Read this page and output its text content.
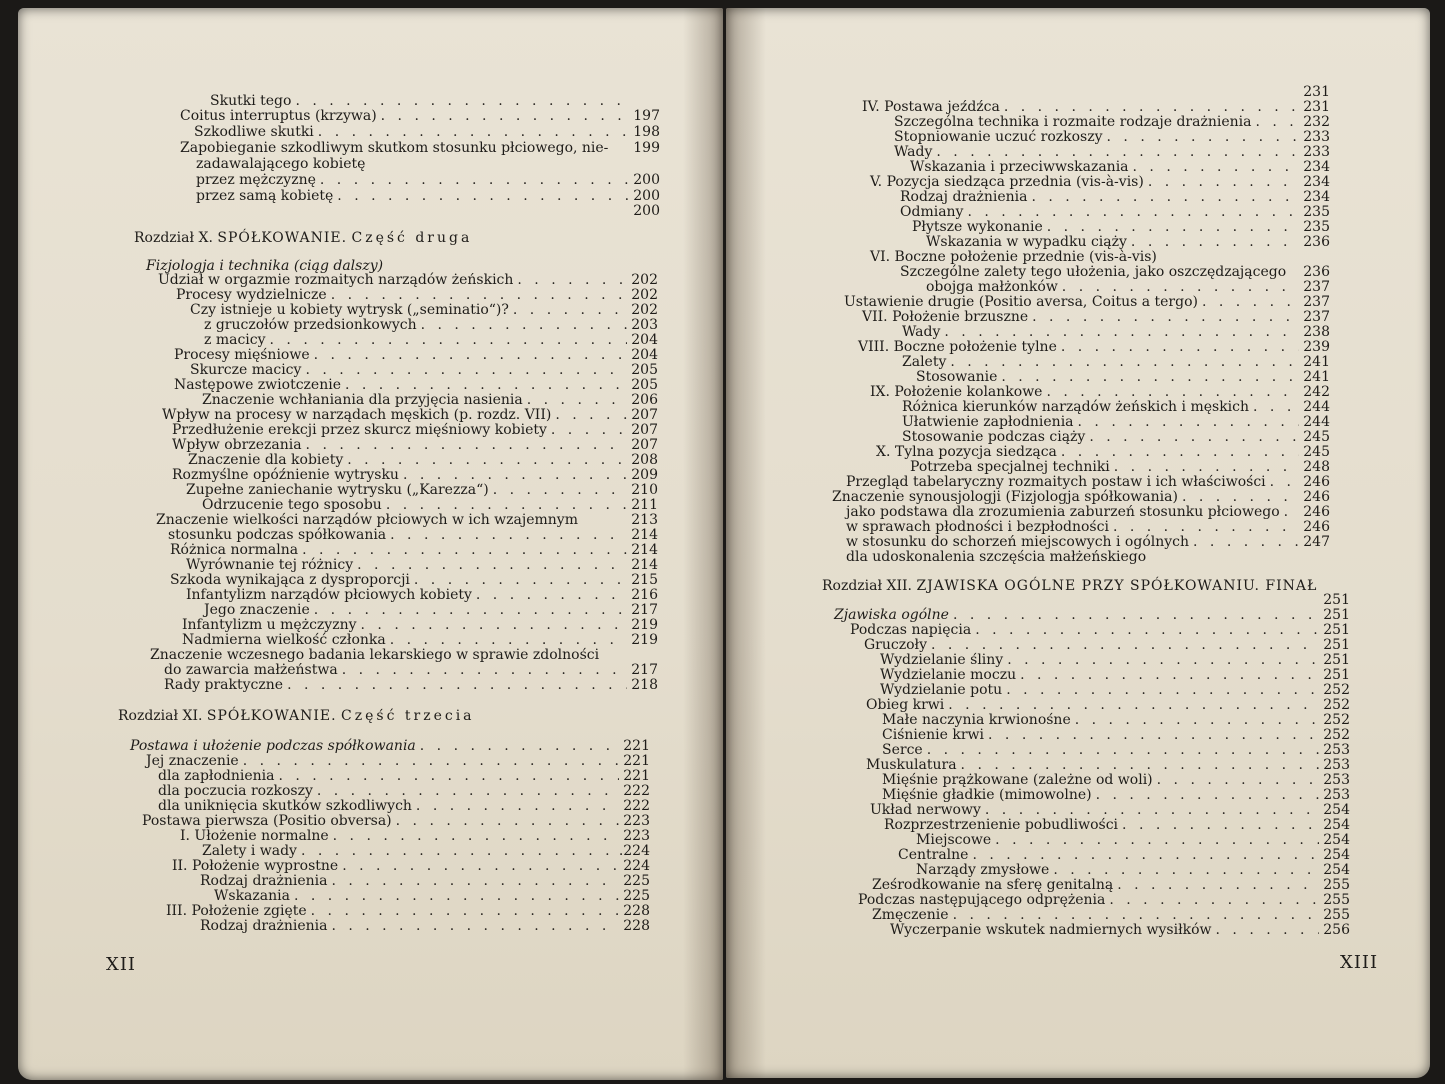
Skutki tego
. . .
Coitus interruptus (krzywa) . . .	197
Szkodliwe skutki . . .	198
Zapobieganie szkodliwym skutkom stosunku płciowego, nie- 199
zadawalającego kobietę
przez mężczyznę . . .	200
przez samą kobietę . . .	200
200
Rozdział X. SPÓŁKOWANIE. Część druga
Fizjologja i technika (ciąg dalszy)
Udział w orgazmie rozmaitych narządów żeńskich . . .	202
Procesy wydzielnicze . . .	202
Czy istnieje u kobiety wytrysk („seminatio“)? . . .	202
z gruczołów przedsionkowych . . .	203
z macicy . . .	204
Procesy mięśniowe . . .	204
Skurcze macicy . . .	205
Następowe zwiotczenie . . .	205
Znaczenie wchłaniania dla przyjęcia nasienia . . .	206
Wpływ na procesy w narządach męskich (p. rozdz. VII) . . .	207
Przedłużenie erekcji przez skurcz mięśniowy kobiety . . .	207
Wpływ obrzezania . . .	207
Znaczenie dla kobiety . . .	208
Rozmyślne opóźnienie wytrysku . . .	209
Zupełne zaniechanie wytrysku („Karezza“) . . .	210
Odrzucenie tego sposobu . . .	211
Znaczenie wielkości narządów płciowych w ich wzajemnym	213
stosunku podczas spółkowania . . .	214
Różnica normalna . . .	214
Wyrównanie tej różnicy . . .	214
Szkoda wynikająca z dysproporcji . . .	215
Infantylizm narządów płciowych kobiety . . .	216
Jego znaczenie . . .	217
Infantylizm u mężczyzny . . .	219
Nadmierna wielkość członka . . .	219
Znaczenie wczesnego badania lekarskiego w sprawie zdolności
do zawarcia małżeństwa . . .	217
Rady praktyczne . . .	218
Rozdział XI. SPÓŁKOWANIE. Część trzecia
Postawa i ułożenie podczas spółkowania . . .	221
Jej znaczenie . . .	221
dla zapłodnienia . . .	221
dla poczucia rozkoszy . . .	222
dla uniknięcia skutków szkodliwych . . .	222
Postawa pierwsza (Positio obversa) . . .	223
I. Ułożenie normalne . . .	223
Zalety i wady . . .	.224
II. Położenie wyprostne . . .	224
Rodzaj drażnienia . . .	225
Wskazania . . .	225
III. Położenie zgięte . . .	228
Rodzaj drażnienia . . .	228
XII
231
IV. Postawa jeźdźca . . .	231
Szczególna technika i rozmaite rodzaje drażnienia . . .	232
Stopniowanie uczuć rozkoszy . . .	233
Wady . . .	233
Wskazania i przeciwwskazania . . .	234
V. Pozycja siedząca przednia (vis-à-vis) . . .	234
Rodzaj drażnienia . . .	234
Odmiany . . .	235
Płytsze wykonanie . . .	235
Wskazania w wypadku ciąży . . .	236
VI. Boczne położenie przednie (vis-à-vis)
Szczególne zalety tego ułożenia, jako oszczędzającego 236
obojga małżonków . . .	237
Ustawienie drugie (Positio aversa, Coitus a tergo) . . .	237
VII. Położenie brzuszne . . .	237
Wady . . .	238
VIII. Boczne położenie tylne . . .	239
Zalety . . .	241
Stosowanie . . .	241
IX. Położenie kolankowe . . .	242
Różnica kierunków narządów żeńskich i męskich . . .	244
Ułatwienie zapłodnienia . . .	244
Stosowanie podczas ciąży . . .	245
X. Tylna pozycja siedząca . . .	245
Potrzeba specjalnej techniki . . .	248
Przegląd tabelaryczny rozmaitych postaw i ich właściwości . . .	246
Znaczenie synousjologji (Fizjologja spółkowania) . . .	246
jako podstawa dla zrozumienia zaburzeń stosunku płciowego . . . 246
w sprawach płodności i bezpłodności . . .	246
w stosunku do schorzeń miejscowych i ogólnych . . .	247
dla udoskonalenia szczęścia małżeńskiego
Rozdział XII. ZJAWISKA OGÓLNE PRZY SPÓŁKOWANIU. FINAŁ
251
Zjawiska ogólne . . .	251
Podczas napięcia . . .	251
Gruczoły . . .	251
Wydzielanie śliny . . .	251
Wydzielanie moczu . . .	251
Wydzielanie potu . . .	252
Obieg krwi . . .	252
Małe naczynia krwionośne . . .	252
Ciśnienie krwi . . .	252
Serce . . .	253
Muskulatura . . .	253
Mięśnie prążkowane (zależne od woli) . . .	253
Mięśnie gładkie (mimowolne) . . .	253
Układ nerwowy . . .	254
Rozprzestrzenienie pobudliwości . . .	254
Miejscowe . . .	254
Centralne . . .	254
Narządy zmysłowe . . .	254
Ześrodkowanie na sferę genitalną . . .	255
Podczas następującego odprężenia . . .	255
Zmęczenie . . .	255
Wyczerpanie wskutek nadmiernych wysiłków . . .	256
XIII
